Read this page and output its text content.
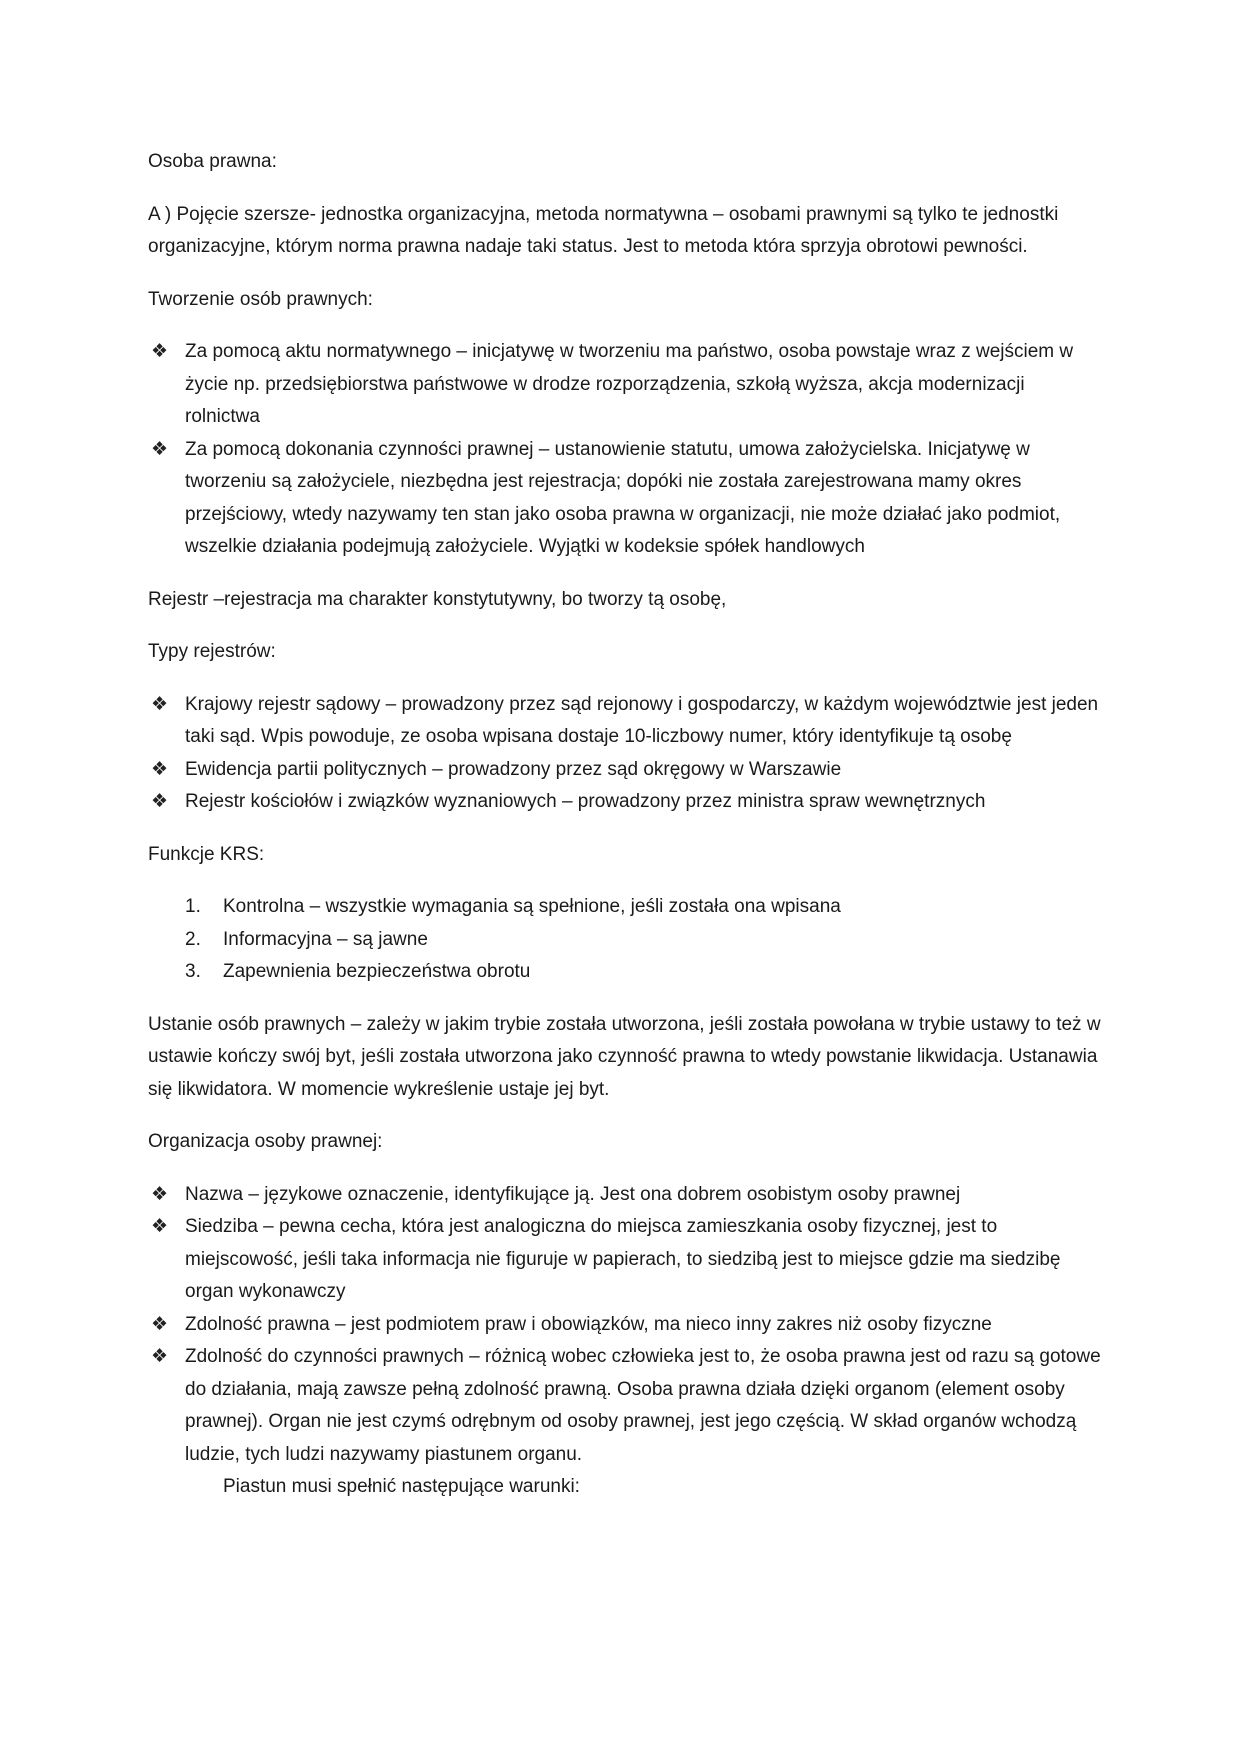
Osoba prawna:

A ) Pojęcie szersze- jednostka organizacyjna, metoda normatywna – osobami prawnymi są tylko te jednostki organizacyjne, którym norma prawna nadaje taki status. Jest to metoda która sprzyja obrotowi pewności.

Tworzenie osób prawnych:

❖ Za pomocą aktu normatywnego – inicjatywę w tworzeniu ma państwo, osoba powstaje wraz z wejściem w życie np. przedsiębiorstwa państwowe w drodze rozporządzenia, szkołą wyższa, akcja modernizacji rolnictwa
❖ Za pomocą dokonania czynności prawnej – ustanowienie statutu, umowa założycielska. Inicjatywę w tworzeniu są założyciele, niezbędna jest rejestracja; dopóki nie została zarejestrowana mamy okres przejściowy, wtedy nazywamy ten stan jako osoba prawna w organizacji, nie może działać jako podmiot, wszelkie działania podejmują założyciele. Wyjątki w kodeksie spółek handlowych

Rejestr –rejestracja ma charakter konstytutywny, bo tworzy tą osobę,

Typy rejestrów:

❖ Krajowy rejestr sądowy – prowadzony przez sąd rejonowy i gospodarczy, w każdym województwie jest jeden taki sąd. Wpis powoduje, ze osoba wpisana dostaje 10-liczbowy numer, który identyfikuje tą osobę
❖ Ewidencja partii politycznych – prowadzony przez sąd okręgowy w Warszawie
❖ Rejestr kościołów i związków wyznaniowych – prowadzony przez ministra spraw wewnętrznych

Funkcje KRS:

1. Kontrolna – wszystkie wymagania są spełnione, jeśli została ona wpisana
2. Informacyjna – są jawne
3. Zapewnienia bezpieczeństwa obrotu

Ustanie osób prawnych – zależy w jakim trybie została utworzona, jeśli została powołana w trybie ustawy to też w ustawie kończy swój byt, jeśli została utworzona jako czynność prawna to wtedy powstanie likwidacja. Ustanawia się likwidatora. W momencie wykreślenie ustaje jej byt.

Organizacja osoby prawnej:

❖ Nazwa – językowe oznaczenie, identyfikujące ją. Jest ona dobrem osobistym osoby prawnej
❖ Siedziba – pewna cecha, która jest analogiczna do miejsca zamieszkania osoby fizycznej, jest to miejscowość, jeśli taka informacja nie figuruje w papierach, to siedzibą jest to miejsce gdzie ma siedzibę organ wykonawczy
❖ Zdolność prawna – jest podmiotem praw i obowiązków, ma nieco inny zakres niż osoby fizyczne
❖ Zdolność do czynności prawnych – różnicą wobec człowieka jest to, że osoba prawna jest od razu są gotowe do działania, mają zawsze pełną zdolność prawną. Osoba prawna działa dzięki organom (element osoby prawnej). Organ nie jest czymś odrębnym od osoby prawnej, jest jego częścią. W skład organów wchodzą ludzie, tych ludzi nazywamy piastunem organu.

Piastun musi spełnić następujące warunki:
